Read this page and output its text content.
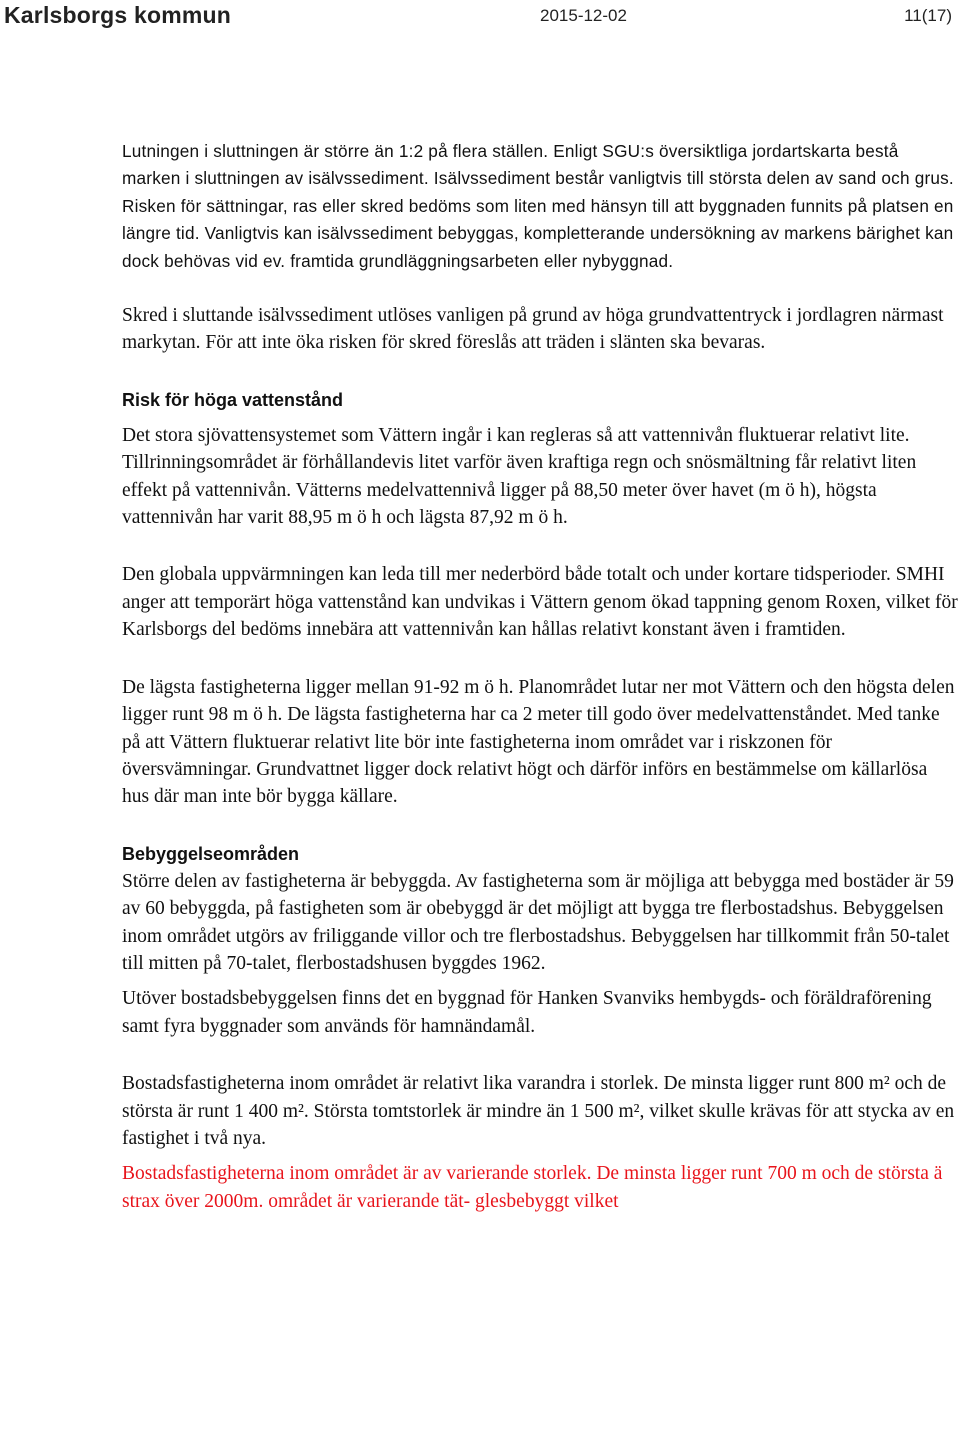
Karlsborgs kommun	2015-12-02	11(17)

Lutningen i sluttningen är större än 1:2 på flera ställen. Enligt SGU:s översiktliga jordartskarta bestå marken i sluttningen av isälvssediment. Isälvssediment består vanligtvis till största delen av sand och grus. Risken för sättningar, ras eller skred bedöms som liten med hänsyn till att byggnaden funnits på platsen en längre tid. Vanligtvis kan isälvssediment bebyggas, kompletterande undersökning av markens bärighet kan dock behövas vid ev. framtida grundläggningsarbeten eller nybyggnad.

Skred i sluttande isälvssediment utlöses vanligen på grund av höga grundvattentryck i jordlagren närmast markytan. För att inte öka risken för skred föreslås att träden i slänten ska bevaras.

Risk för höga vattenstånd

Det stora sjövattensystemet som Vättern ingår i kan regleras så att vattennivån fluktuerar relativt lite. Tillrinningsområdet är förhållandevis litet varför även kraftiga regn och snösmältning får relativt liten effekt på vattennivån. Vätterns medelvattennivå ligger på 88,50 meter över havet (m ö h), högsta vattennivån har varit 88,95 m ö h och lägsta 87,92 m ö h.

Den globala uppvärmningen kan leda till mer nederbörd både totalt och under kortare tidsperioder. SMHI anger att temporärt höga vattenstånd kan undvikas i Vättern genom ökad tappning genom Roxen, vilket för Karlsborgs del bedöms innebära att vattennivån kan hållas relativt konstant även i framtiden.

De lägsta fastigheterna ligger mellan 91-92 m ö h. Planområdet lutar ner mot Vättern och den högsta delen ligger runt 98 m ö h. De lägsta fastigheterna har ca 2 meter till godo över medelvattenståndet. Med tanke på att Vättern fluktuerar relativt lite bör inte fastigheterna inom området var i riskzonen för översvämningar. Grundvattnet ligger dock relativt högt och därför införs en bestämmelse om källarlösa hus där man inte bör bygga källare.

Bebyggelseområden

Större delen av fastigheterna är bebyggda. Av fastigheterna som är möjliga att bebygga med bostäder är 59 av 60 bebyggda, på fastigheten som är obebyggd är det möjligt att bygga tre flerbostadshus. Bebyggelsen inom området utgörs av friliggande villor och tre flerbostadshus. Bebyggelsen har tillkommit från 50-talet till mitten på 70-talet, flerbostadshusen byggdes 1962.

Utöver bostadsbebyggelsen finns det en byggnad för Hanken Svanviks hembygds- och föräldraförening samt fyra byggnader som används för hamnändamål.

Bostadsfastigheterna inom området är relativt lika varandra i storlek. De minsta ligger runt 800 m² och de största är runt 1 400 m². Största tomtstorlek är mindre än 1 500 m², vilket skulle krävas för att stycka av en fastighet i två nya.

Bostadsfastigheterna inom området är av varierande storlek. De minsta ligger runt 700 m och de största ä strax över 2000m. området är varierande tät- glesbebyggt vilket
